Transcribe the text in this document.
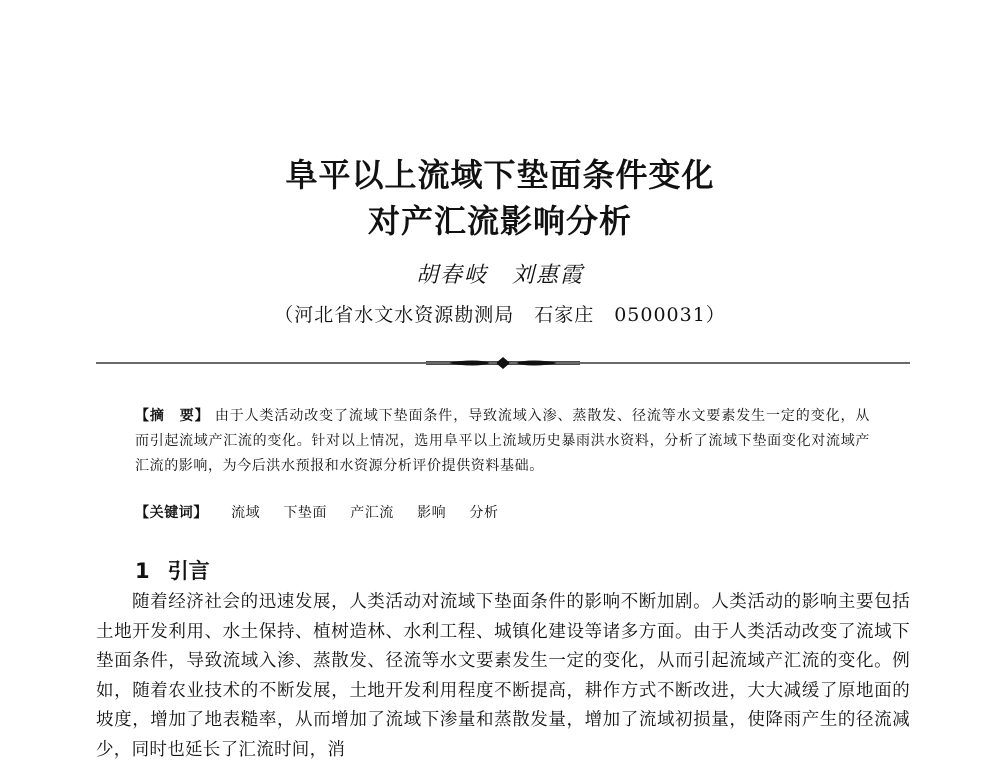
阜平以上流域下垫面条件变化
对产汇流影响分析
胡春岐　刘惠霞
（河北省水文水资源勘测局　石家庄　0500031）
【摘　要】 由于人类活动改变了流域下垫面条件，导致流域入渗、蒸散发、径流等水文要素发生一定的变化，从而引起流域产汇流的变化。针对以上情况，选用阜平以上流域历史暴雨洪水资料，分析了流域下垫面变化对流域产汇流的影响，为今后洪水预报和水资源分析评价提供资料基础。
【关键词】 流域 下垫面 产汇流 影响 分析
1 引言
随着经济社会的迅速发展，人类活动对流域下垫面条件的影响不断加剧。人类活动的影响主要包括土地开发利用、水土保持、植树造林、水利工程、城镇化建设等诸多方面。由于人类活动改变了流域下垫面条件，导致流域入渗、蒸散发、径流等水文要素发生一定的变化，从而引起流域产汇流的变化。例如，随着农业技术的不断发展，土地开发利用程度不断提高，耕作方式不断改进，大大减缓了原地面的坡度，增加了地表糙率，从而增加了流域下渗量和蒸散发量，增加了流域初损量，使降雨产生的径流减少，同时也延长了汇流时间，消
